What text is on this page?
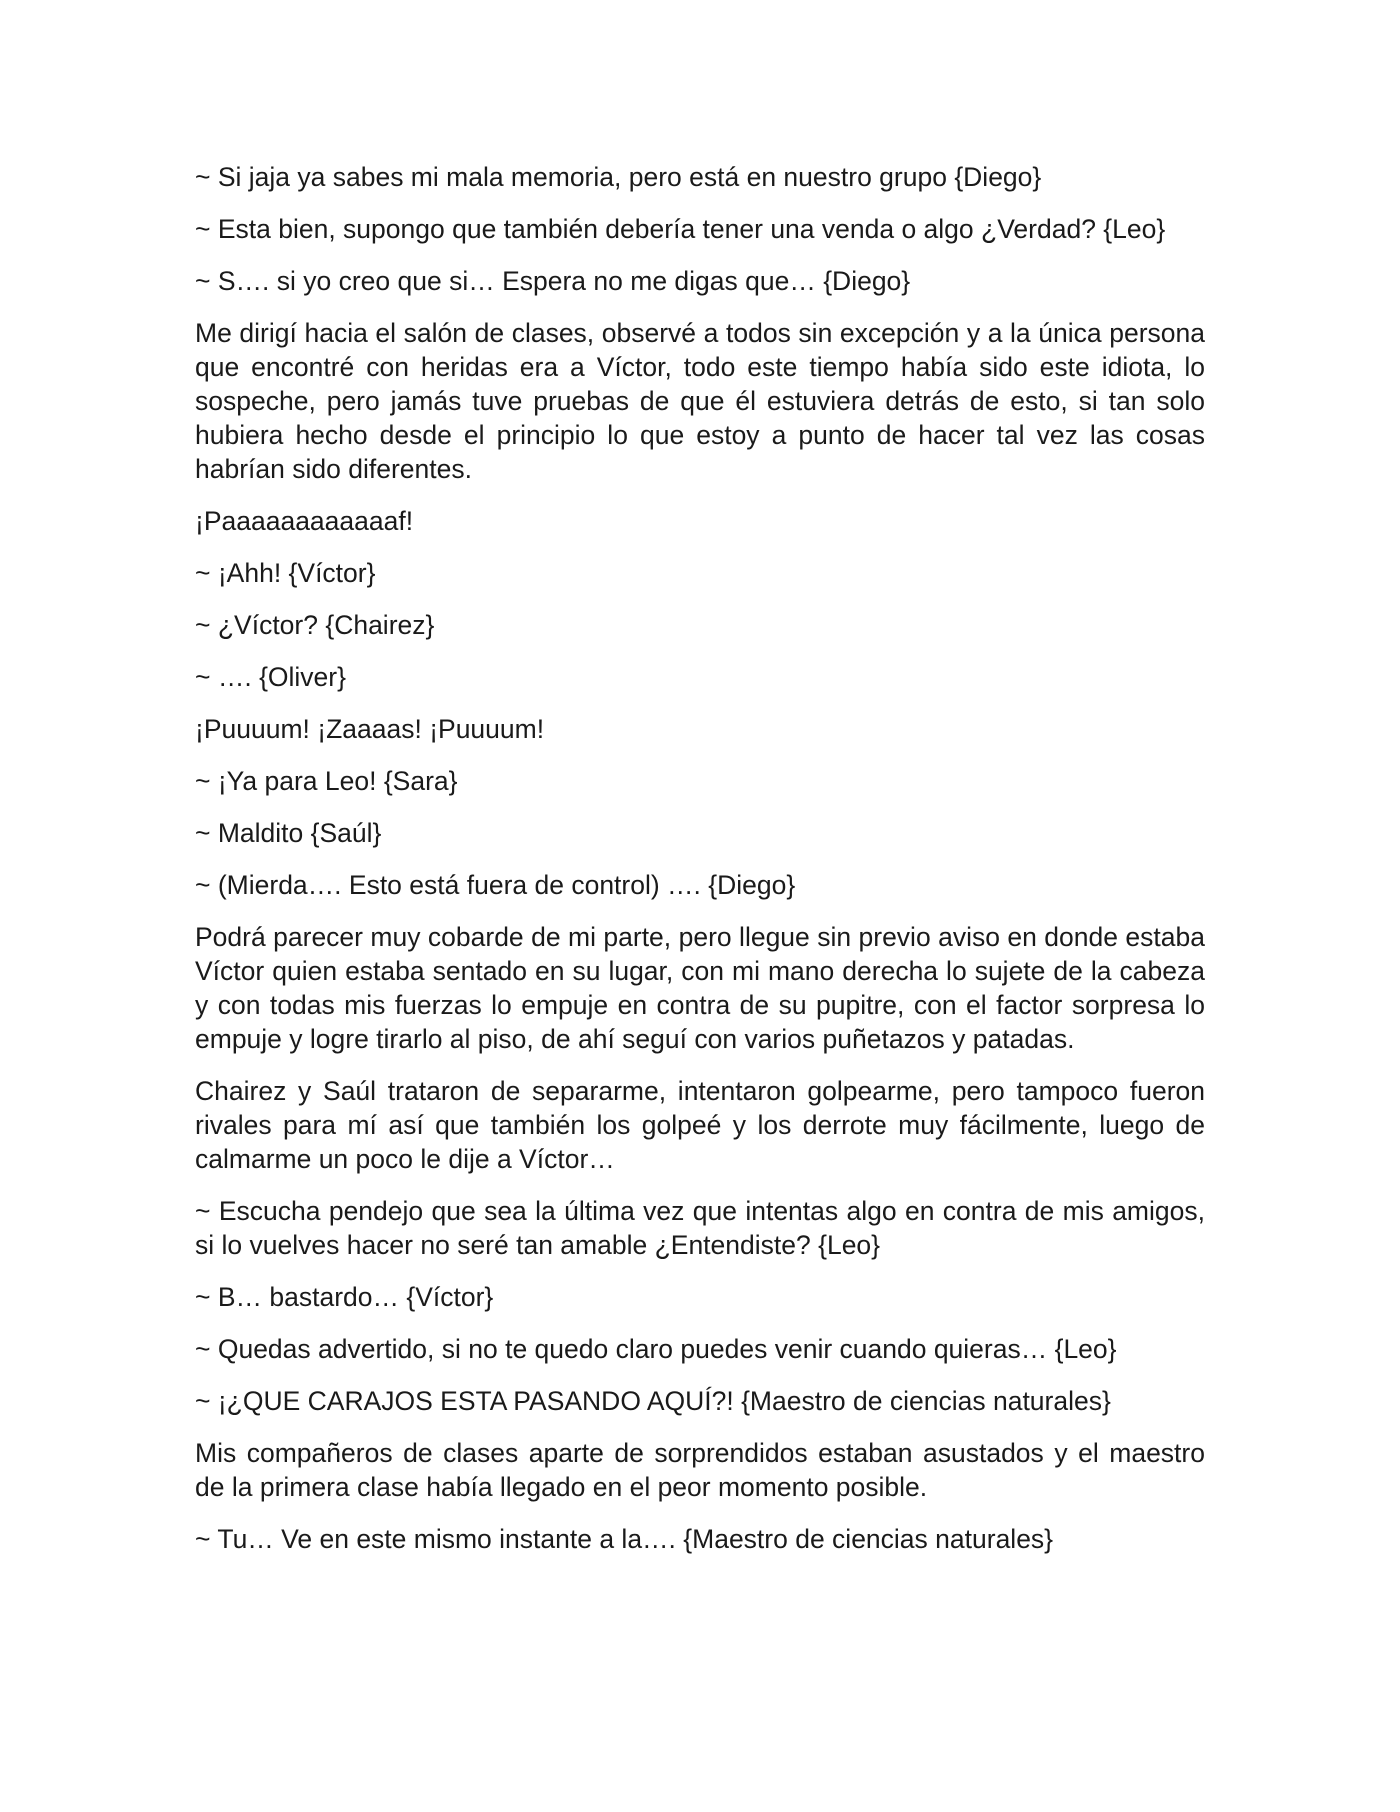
~ Si jaja ya sabes mi mala memoria, pero está en nuestro grupo {Diego}

~ Esta bien, supongo que también debería tener una venda o algo ¿Verdad? {Leo}

~ S…. si yo creo que si… Espera no me digas que… {Diego}

Me dirigí hacia el salón de clases, observé a todos sin excepción y a la única persona que encontré con heridas era a Víctor, todo este tiempo había sido este idiota, lo sospeche, pero jamás tuve pruebas de que él estuviera detrás de esto, si tan solo hubiera hecho desde el principio lo que estoy a punto de hacer tal vez las cosas habrían sido diferentes.

¡Paaaaaaaaaaaaf!

~ ¡Ahh! {Víctor}

~ ¿Víctor? {Chairez}

~ …. {Oliver}

¡Puuuum! ¡Zaaaas! ¡Puuuum!

~ ¡Ya para Leo! {Sara}

~ Maldito {Saúl}

~ (Mierda…. Esto está fuera de control) …. {Diego}

Podrá parecer muy cobarde de mi parte, pero llegue sin previo aviso en donde estaba Víctor quien estaba sentado en su lugar, con mi mano derecha lo sujete de la cabeza y con todas mis fuerzas lo empuje en contra de su pupitre, con el factor sorpresa lo empuje y logre tirarlo al piso, de ahí seguí con varios puñetazos y patadas.

Chairez y Saúl trataron de separarme, intentaron golpearme, pero tampoco fueron rivales para mí así que también los golpeé y los derrote muy fácilmente, luego de calmarme un poco le dije a Víctor…

~ Escucha pendejo que sea la última vez que intentas algo en contra de mis amigos, si lo vuelves hacer no seré tan amable ¿Entendiste? {Leo}

~ B… bastardo… {Víctor}

~ Quedas advertido, si no te quedo claro puedes venir cuando quieras… {Leo}

~ ¡¿QUE CARAJOS ESTA PASANDO AQUÍ?! {Maestro de ciencias naturales}

Mis compañeros de clases aparte de sorprendidos estaban asustados y el maestro de la primera clase había llegado en el peor momento posible.

~ Tu… Ve en este mismo instante a la…. {Maestro de ciencias naturales}
